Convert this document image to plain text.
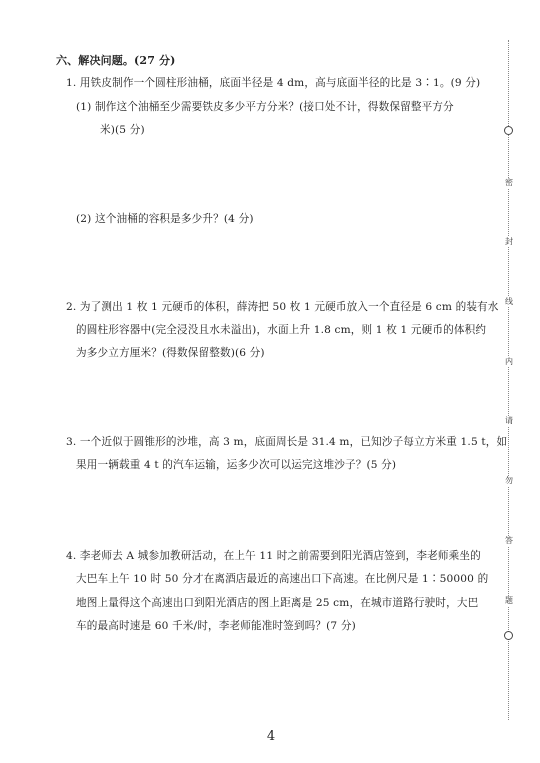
六、解决问题。(27 分)
1. 用铁皮制作一个圆柱形油桶，底面半径是 4 dm，高与底面半径的比是 3∶1。(9 分)
(1) 制作这个油桶至少需要铁皮多少平方分米？(接口处不计，得数保留整平方分
米)(5 分)
(2) 这个油桶的容积是多少升？(4 分)
2. 为了测出 1 枚 1 元硬币的体积，薛涛把 50 枚 1 元硬币放入一个直径是 6 cm 的装有水
的圆柱形容器中(完全浸没且水未溢出)，水面上升 1.8 cm，则 1 枚 1 元硬币的体积约
为多少立方厘米？(得数保留整数)(6 分)
3. 一个近似于圆锥形的沙堆，高 3 m，底面周长是 31.4 m，已知沙子每立方米重 1.5 t，如
果用一辆载重 4 t 的汽车运输，运多少次可以运完这堆沙子？(5 分)
4. 李老师去 A 城参加教研活动，在上午 11 时之前需要到阳光酒店签到，李老师乘坐的
大巴车上午 10 时 50 分才在离酒店最近的高速出口下高速。在比例尺是 1∶50000 的
地图上量得这个高速出口到阳光酒店的图上距离是 25 cm，在城市道路行驶时，大巴
车的最高时速是 60 千米/时，李老师能准时签到吗？(7 分)
密
封
线
内
请
勿
答
题
4
